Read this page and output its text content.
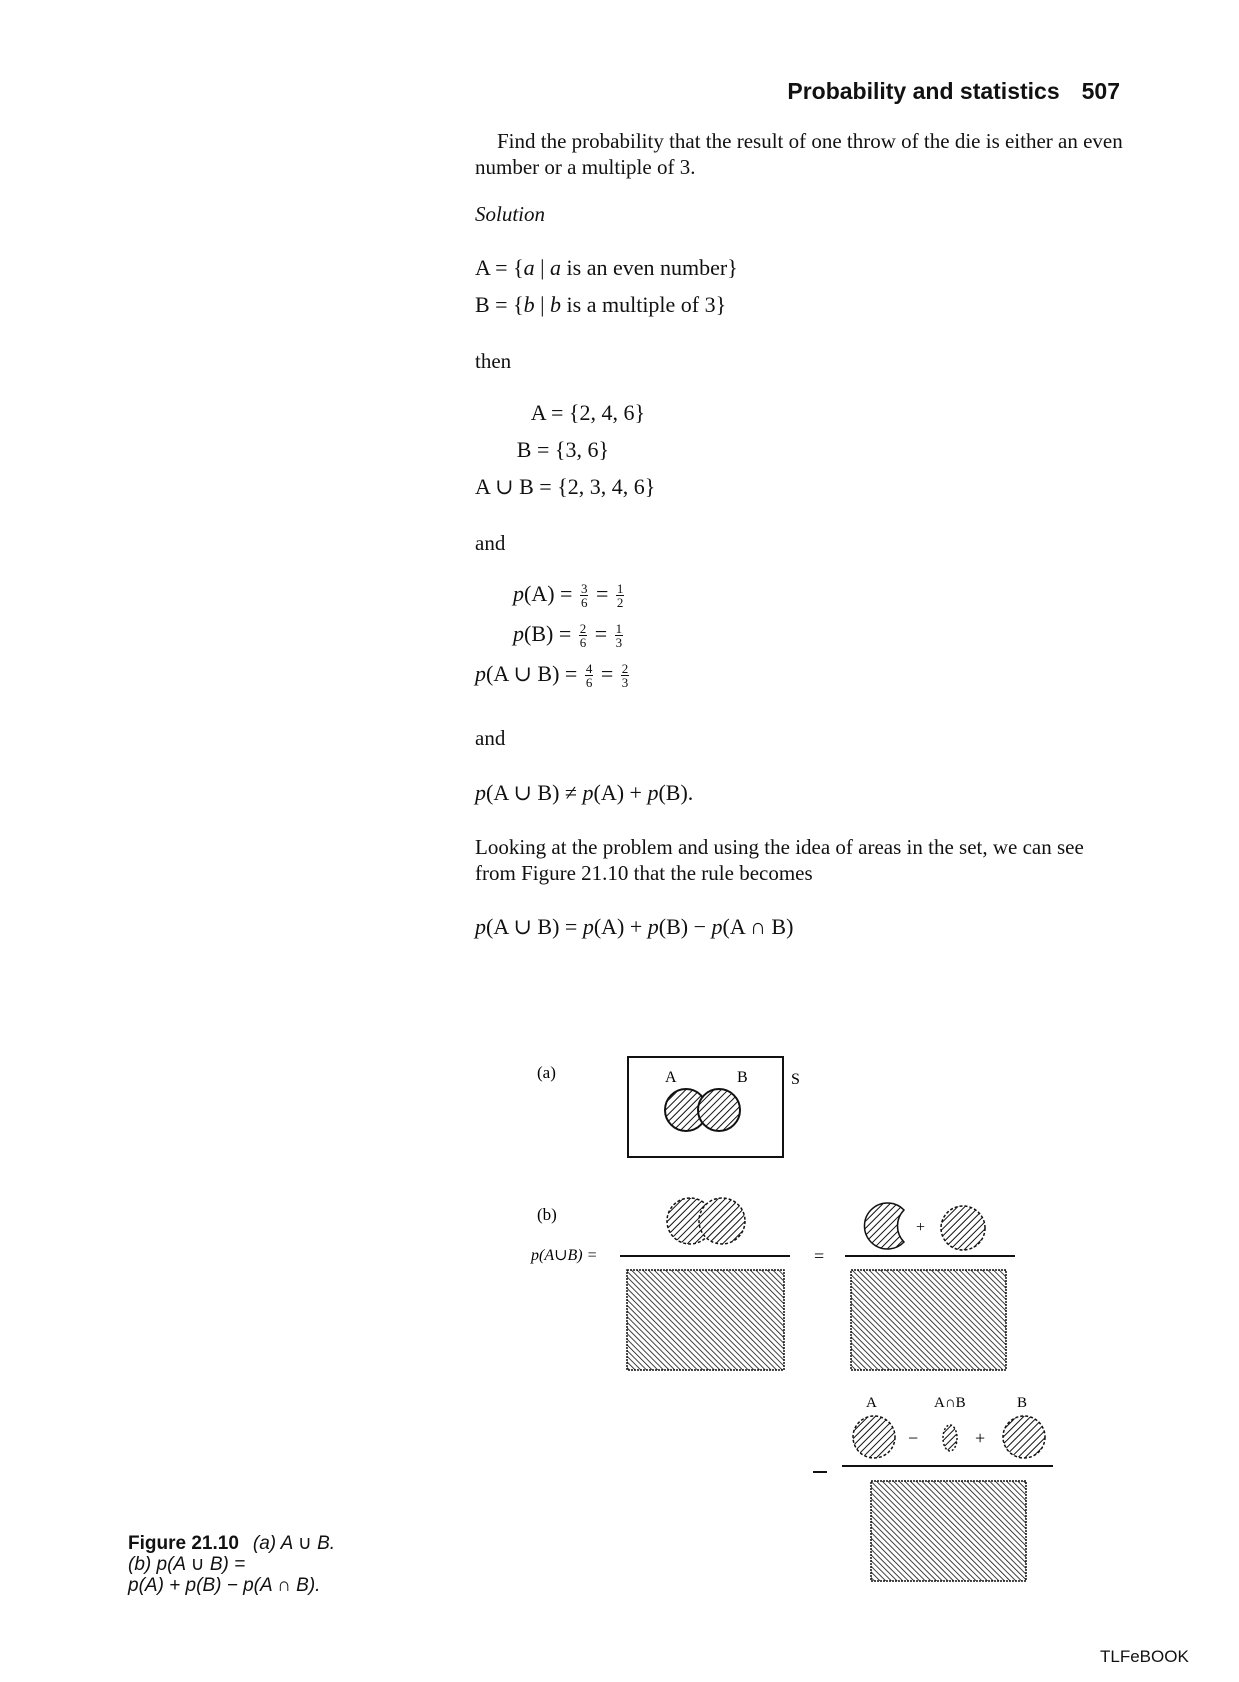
Probability and statistics 507
Find the probability that the result of one throw of the die is either an even number or a multiple of 3.
Solution
A = {a | a is an even number}
B = {b | b is a multiple of 3}
then
A = {2, 4, 6}
B = {3, 6}
A ∪ B = {2, 3, 4, 6}
and
$p(A) = \frac{3}{6} = \frac{1}{2}$
$p(B) = \frac{2}{6} = \frac{1}{3}$
p(A ∪ $B) = \frac{4}{6} = \frac{2}{3}$
and
p(A ∪ B) ≠ p(A) + p(B).
Looking at the problem and using the idea of areas in the set, we can see from Figure 21.10 that the rule becomes
p(A ∪ B) = p(A) + p(B) − p(A ∩ B)
(a)	S
A	B
(b)
p(A∪B) =	=
+
A	A∩B	B
−	+
Figure 21.10 (a) A ∪ B.
(b) p(A ∪ B) =
p(A) + p(B) − p(A ∩ B).
TLFeBOOK
